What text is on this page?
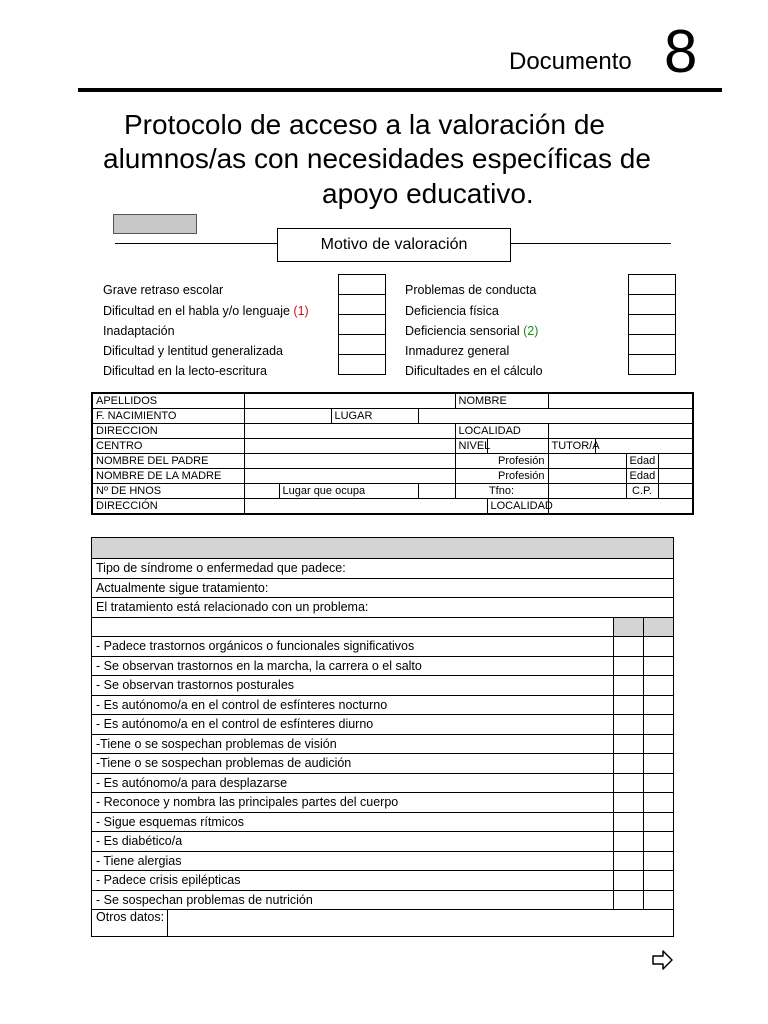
Documento 8
Protocolo de acceso a la valoración de
alumnos/as con necesidades específicas de
apoyo educativo.
Motivo de valoración
Grave retraso escolar
Dificultad en el habla y/o lenguaje (1)
Inadaptación
Dificultad y lentitud generalizada
Dificultad en la lecto-escritura
Problemas de conducta
Deficiencia física
Deficiencia sensorial (2)
Inmadurez general
Dificultades en el cálculo
APELLIDOS					NOMBRE					
F. NACIMIENTO			LUGAR							
DIRECCION					LOCALIDAD					
CENTRO					NIVEL		TUTOR/A			
NOMBRE DEL PADRE					Profesión				Edad	
NOMBRE DE LA MADRE					Profesión				Edad	
Nº DE HNOS		Lugar que ocupa			Tfno:				C.P.	
DIRECCIÓN						LOCALIDAD				

Tipo de síndrome o enfermedad que padece:			
Actualmente sigue tratamiento:			
El tratamiento está relacionado con un problema:			

- Padece trastornos orgánicos o funcionales significativos			
- Se observan trastornos en la marcha, la carrera o el salto			
- Se observan trastornos posturales			
- Es autónomo/a en el control de esfínteres nocturno			
- Es autónomo/a en el control de esfínteres diurno			
-Tiene o se sospechan problemas de visión			
-Tiene o se sospechan problemas de audición			
- Es autónomo/a para desplazarse			
- Reconoce y nombra las principales partes del cuerpo			
- Sigue esquemas rítmicos			
- Es diabético/a			
- Tiene alergias			
- Padece crisis epilépticas			
- Se sospechan problemas de nutrición			
Otros datos:			
